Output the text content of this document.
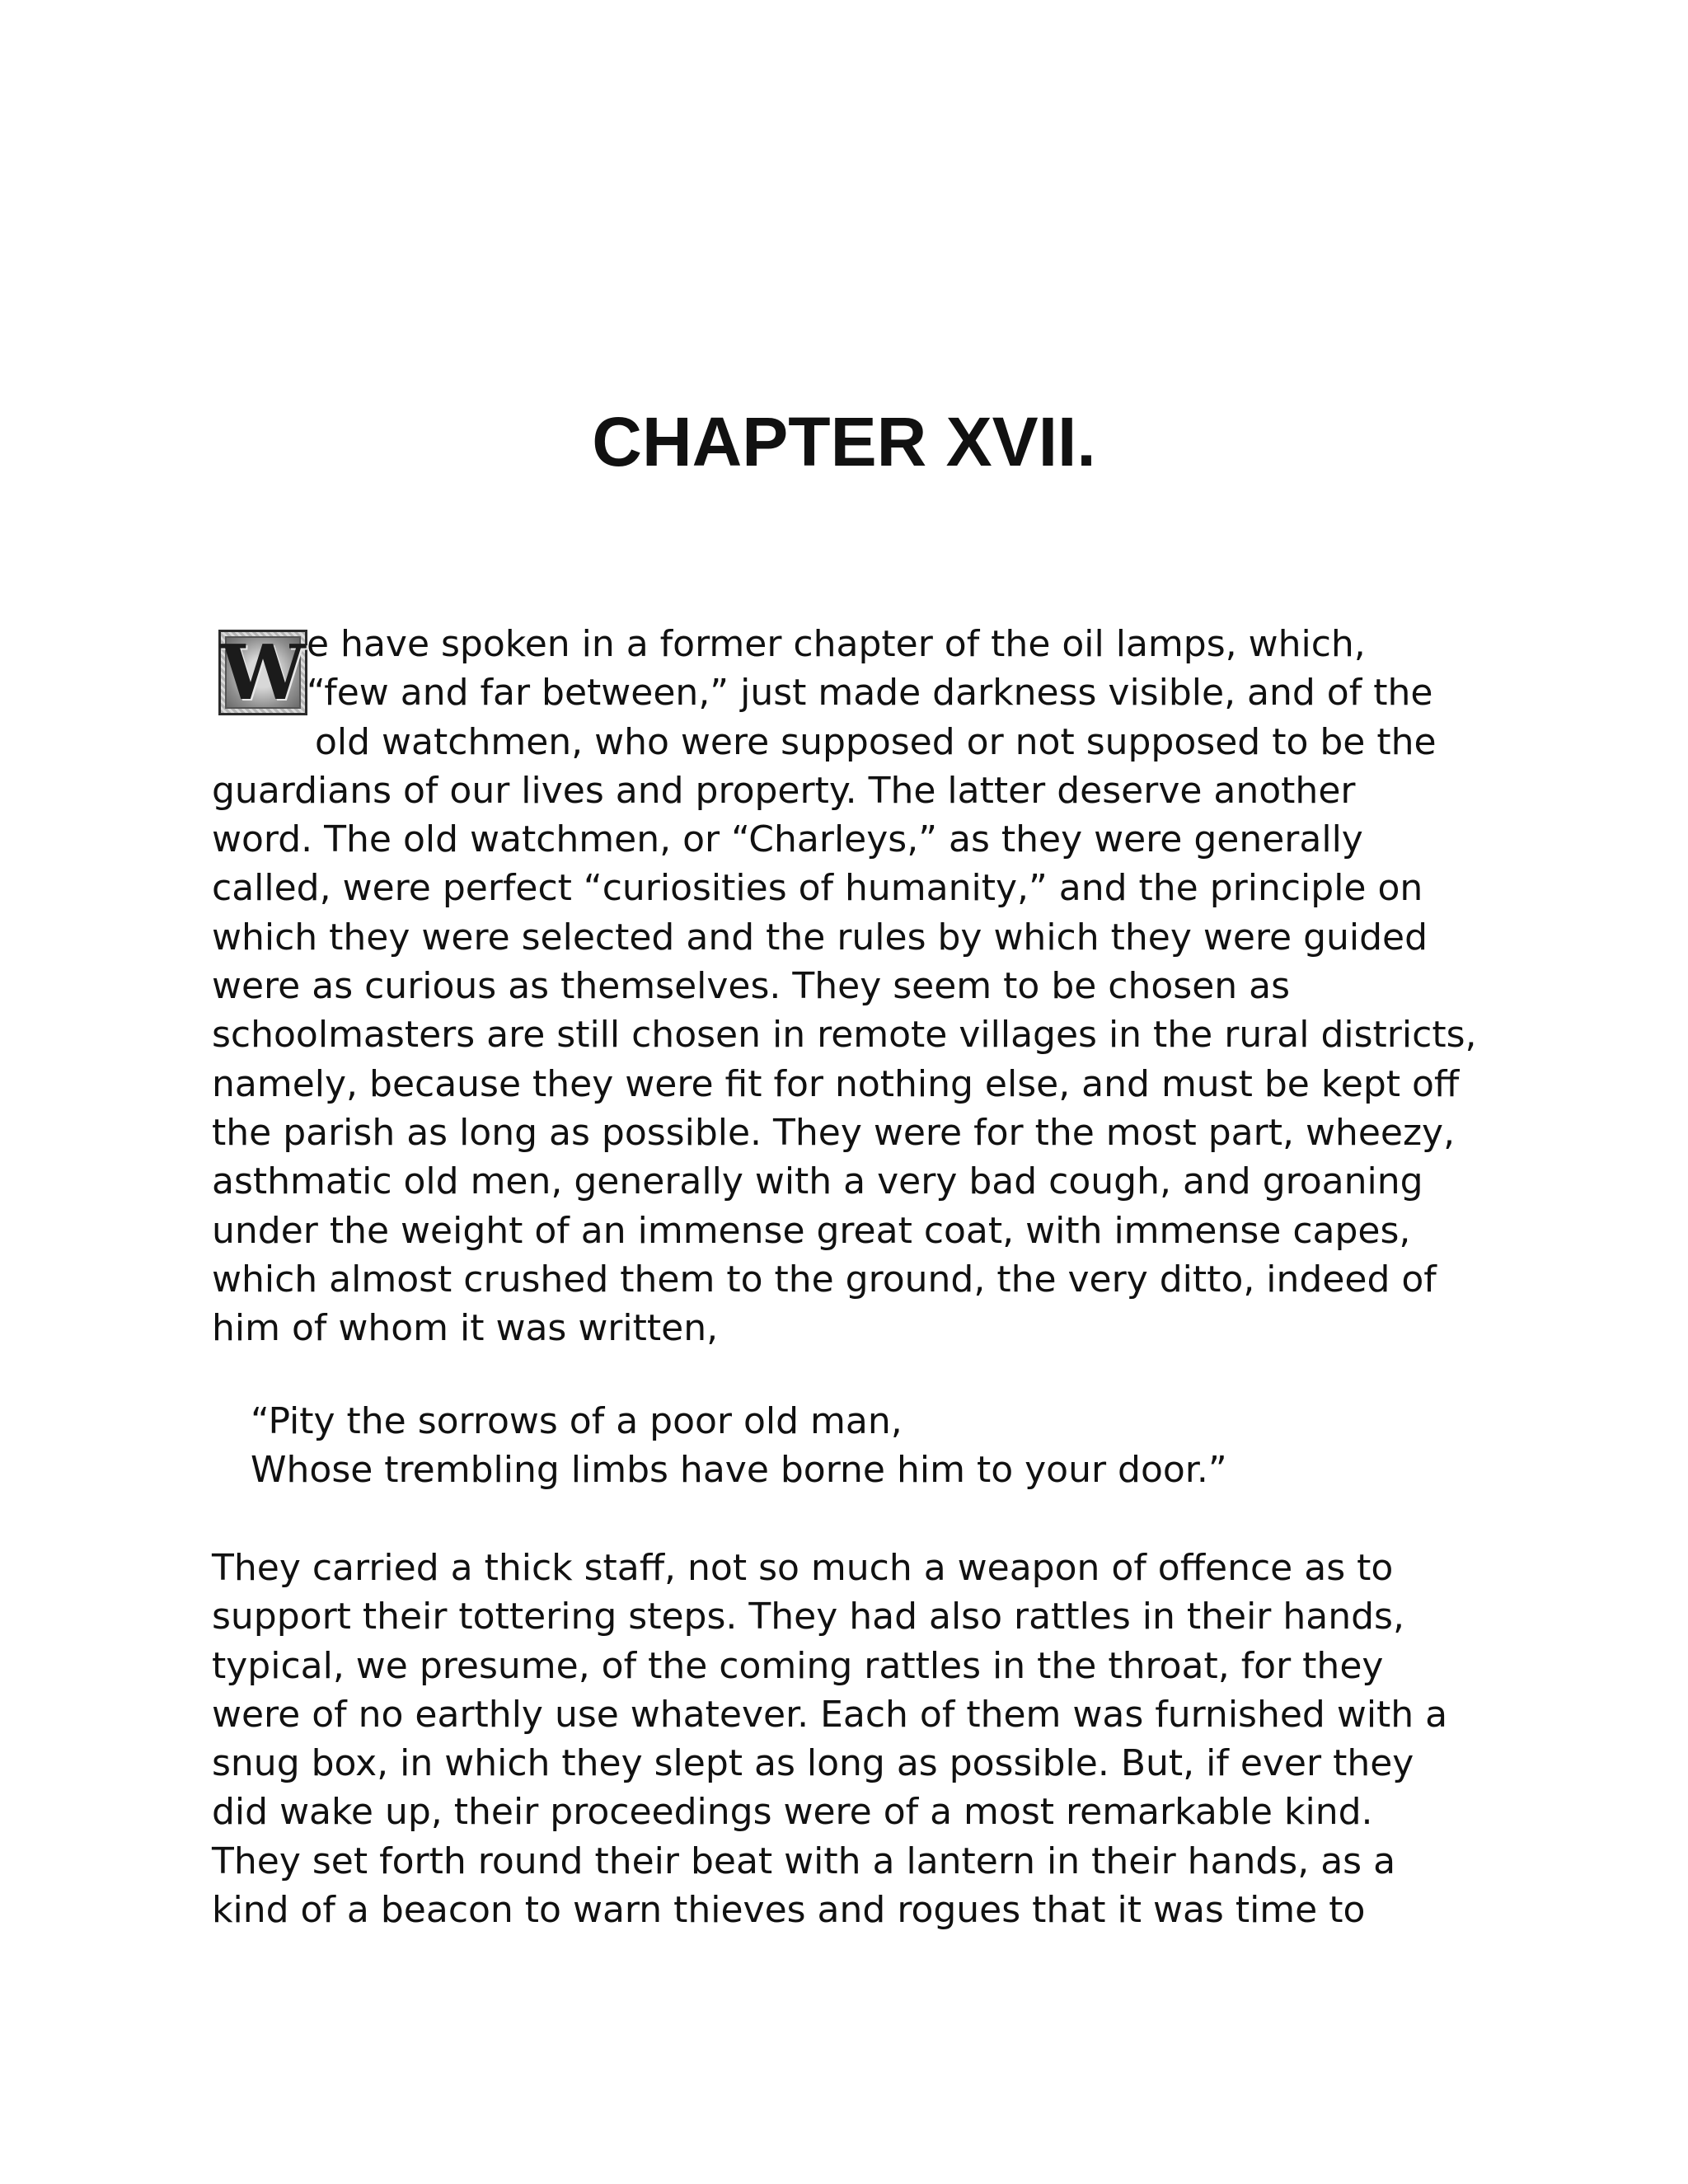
CHAPTER XVII.
W e have spoken in a former chapter of the oil lamps, which,
“few and far between,” just made darkness visible, and of the
old watchmen, who were supposed or not supposed to be the
guardians of our lives and property. The latter deserve another
word. The old watchmen, or “Charleys,” as they were generally
called, were perfect “curiosities of humanity,” and the principle on
which they were selected and the rules by which they were guided
were as curious as themselves. They seem to be chosen as
schoolmasters are still chosen in remote villages in the rural districts,
namely, because they were fit for nothing else, and must be kept off
the parish as long as possible. They were for the most part, wheezy,
asthmatic old men, generally with a very bad cough, and groaning
under the weight of an immense great coat, with immense capes,
which almost crushed them to the ground, the very ditto, indeed of
him of whom it was written,
“Pity the sorrows of a poor old man,
Whose trembling limbs have borne him to your door.”
They carried a thick staff, not so much a weapon of offence as to
support their tottering steps. They had also rattles in their hands,
typical, we presume, of the coming rattles in the throat, for they
were of no earthly use whatever. Each of them was furnished with a
snug box, in which they slept as long as possible. But, if ever they
did wake up, their proceedings were of a most remarkable kind.
They set forth round their beat with a lantern in their hands, as a
kind of a beacon to warn thieves and rogues that it was time to
